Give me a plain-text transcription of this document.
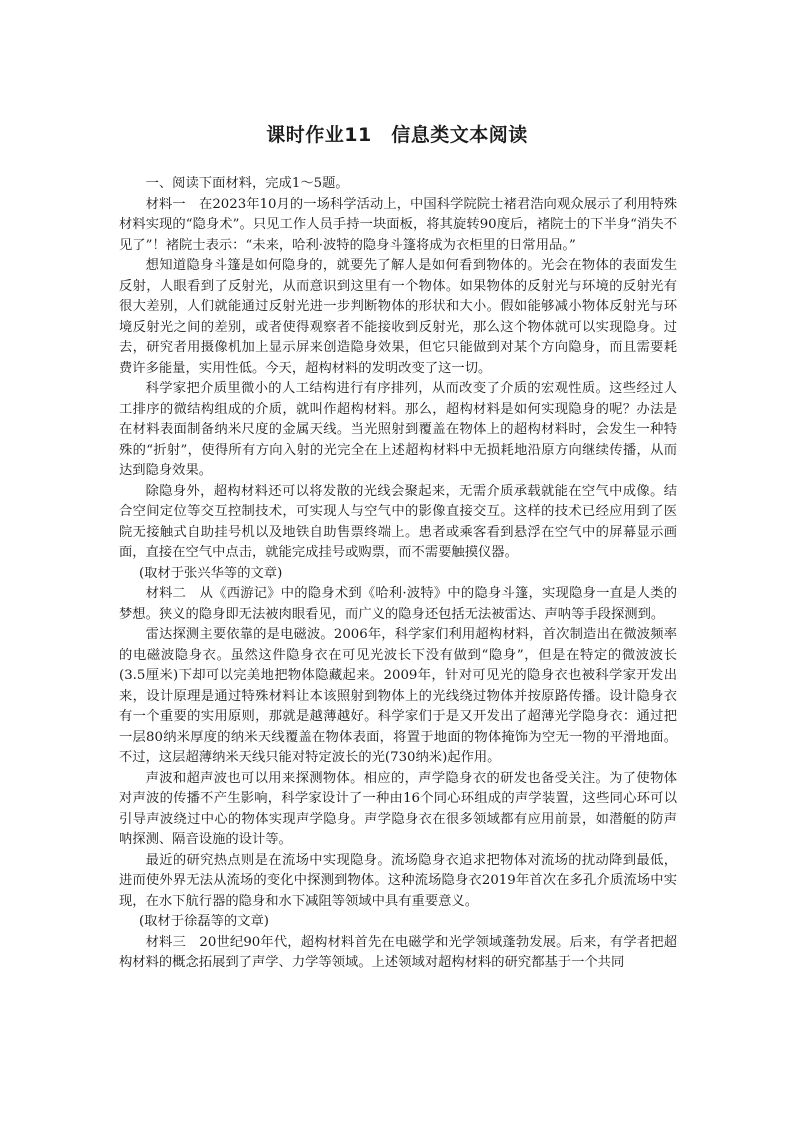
课时作业11　信息类文本阅读

一、阅读下面材料，完成1～5题。

材料一　在2023年10月的一场科学活动上，中国科学院院士褚君浩向观众展示了利用特殊材料实现的“隐身术”。只见工作人员手持一块面板，将其旋转90度后，褚院士的下半身“消失不见了”！褚院士表示：“未来，哈利·波特的隐身斗篷将成为衣柜里的日常用品。”

想知道隐身斗篷是如何隐身的，就要先了解人是如何看到物体的。光会在物体的表面发生反射，人眼看到了反射光，从而意识到这里有一个物体。如果物体的反射光与环境的反射光有很大差别，人们就能通过反射光进一步判断物体的形状和大小。假如能够减小物体反射光与环境反射光之间的差别，或者使得观察者不能接收到反射光，那么这个物体就可以实现隐身。过去，研究者用摄像机加上显示屏来创造隐身效果，但它只能做到对某个方向隐身，而且需要耗费许多能量，实用性低。今天，超构材料的发明改变了这一切。

科学家把介质里微小的人工结构进行有序排列，从而改变了介质的宏观性质。这些经过人工排序的微结构组成的介质，就叫作超构材料。那么，超构材料是如何实现隐身的呢？办法是在材料表面制备纳米尺度的金属天线。当光照射到覆盖在物体上的超构材料时，会发生一种特殊的“折射”，使得所有方向入射的光完全在上述超构材料中无损耗地沿原方向继续传播，从而达到隐身效果。

除隐身外，超构材料还可以将发散的光线会聚起来，无需介质承载就能在空气中成像。结合空间定位等交互控制技术，可实现人与空气中的影像直接交互。这样的技术已经应用到了医院无接触式自助挂号机以及地铁自助售票终端上。患者或乘客看到悬浮在空气中的屏幕显示画面，直接在空气中点击，就能完成挂号或购票，而不需要触摸仪器。

(取材于张兴华等的文章)

材料二　从《西游记》中的隐身术到《哈利·波特》中的隐身斗篷，实现隐身一直是人类的梦想。狭义的隐身即无法被肉眼看见，而广义的隐身还包括无法被雷达、声呐等手段探测到。

雷达探测主要依靠的是电磁波。2006年，科学家们利用超构材料，首次制造出在微波频率的电磁波隐身衣。虽然这件隐身衣在可见光波长下没有做到“隐身”，但是在特定的微波波长(3.5厘米)下却可以完美地把物体隐藏起来。2009年，针对可见光的隐身衣也被科学家开发出来，设计原理是通过特殊材料让本该照射到物体上的光线绕过物体并按原路传播。设计隐身衣有一个重要的实用原则，那就是越薄越好。科学家们于是又开发出了超薄光学隐身衣：通过把一层80纳米厚度的纳米天线覆盖在物体表面，将置于地面的物体掩饰为空无一物的平滑地面。不过，这层超薄纳米天线只能对特定波长的光(730纳米)起作用。

声波和超声波也可以用来探测物体。相应的，声学隐身衣的研发也备受关注。为了使物体对声波的传播不产生影响，科学家设计了一种由16个同心环组成的声学装置，这些同心环可以引导声波绕过中心的物体实现声学隐身。声学隐身衣在很多领域都有应用前景，如潜艇的防声呐探测、隔音设施的设计等。

最近的研究热点则是在流场中实现隐身。流场隐身衣追求把物体对流场的扰动降到最低，进而使外界无法从流场的变化中探测到物体。这种流场隐身衣2019年首次在多孔介质流场中实现，在水下航行器的隐身和水下减阻等领域中具有重要意义。

(取材于徐磊等的文章)

材料三　20世纪90年代，超构材料首先在电磁学和光学领域蓬勃发展。后来，有学者把超构材料的概念拓展到了声学、力学等领域。上述领域对超构材料的研究都基于一个共同
